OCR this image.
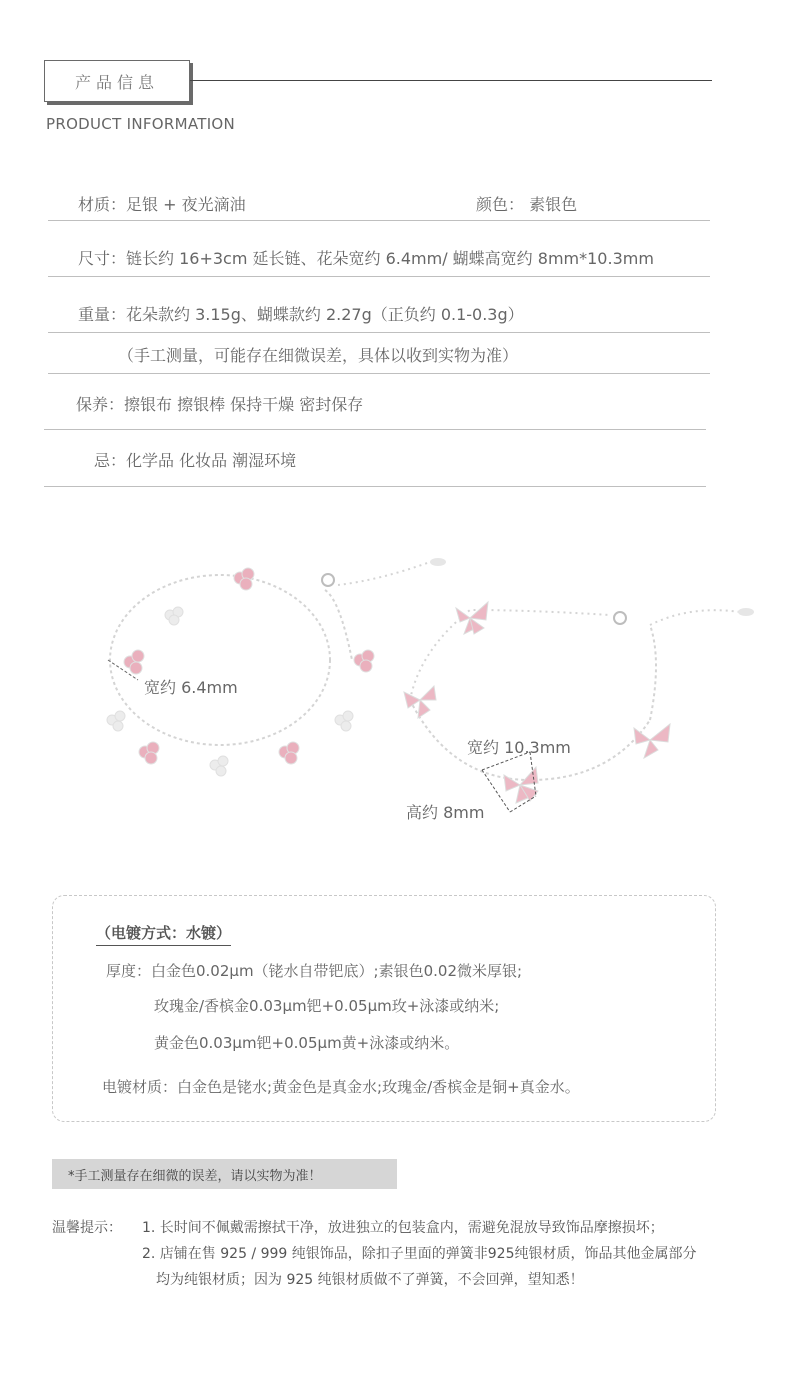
产品信息
PRODUCT INFORMATION
材质：足银 + 夜光滴油	颜色： 素银色
尺寸：链长约 16+3cm 延长链、花朵宽约 6.4mm/ 蝴蝶高宽约 8mm*10.3mm
重量：花朵款约 3.15g、蝴蝶款约 2.27g（正负约 0.1-0.3g）
（手工测量，可能存在细微误差，具体以收到实物为准）
保养：擦银布 擦银棒 保持干燥 密封保存
忌：化学品 化妆品 潮湿环境
宽约 6.4mm
宽约 10.3mm
高约 8mm
（电镀方式：水镀）
厚度：白金色0.02μm（铑水自带钯底）;素银色0.02微米厚银;
玫瑰金/香槟金0.03μm钯+0.05μm玫+泳漆或纳米;
黄金色0.03μm钯+0.05μm黄+泳漆或纳米。
电镀材质：白金色是铑水;黄金色是真金水;玫瑰金/香槟金是铜+真金水。
*手工测量存在细微的误差，请以实物为准！
温馨提示： 1. 长时间不佩戴需擦拭干净，放进独立的包装盒内，需避免混放导致饰品摩擦损坏；
2. 店铺在售 925 / 999 纯银饰品，除扣子里面的弹簧非925纯银材质，饰品其他金属部分
均为纯银材质；因为 925 纯银材质做不了弹簧，不会回弹，望知悉！
